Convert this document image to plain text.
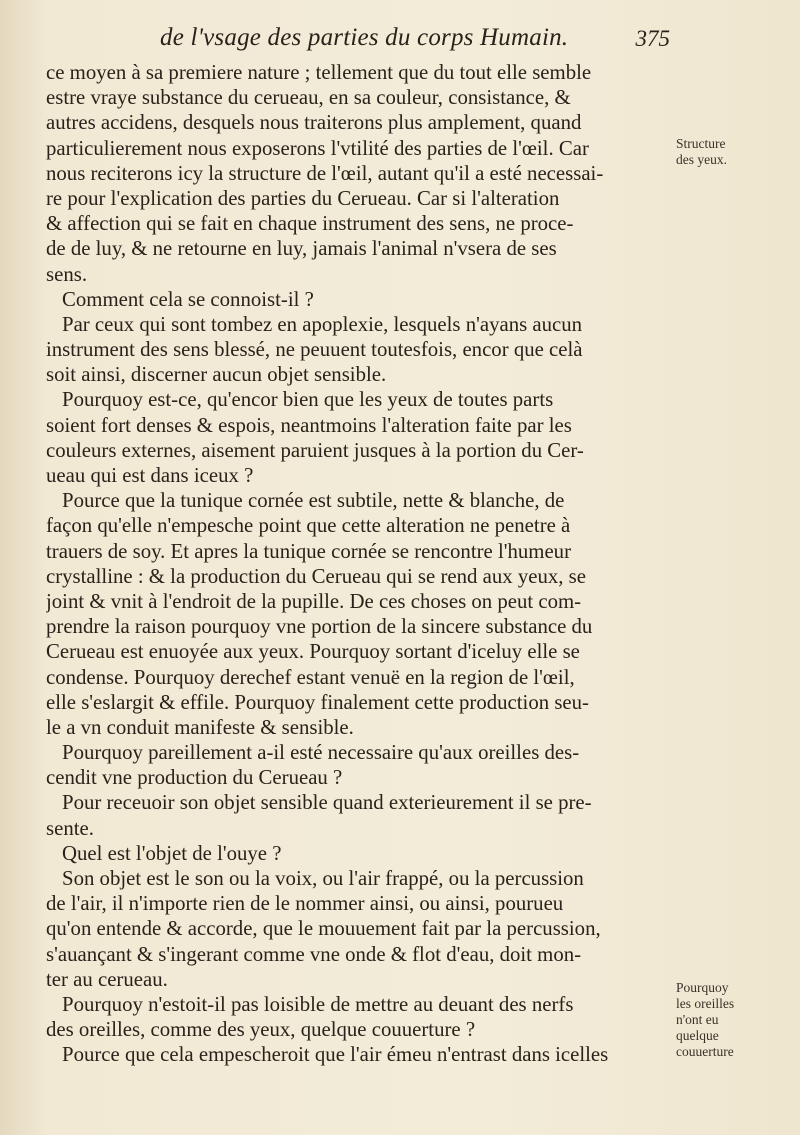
de l'vsage des parties du corps Humain.	375
ce moyen à sa premiere nature ; tellement que du tout elle semble
estre vraye substance du cerueau, en sa couleur, consistance, &
autres accidens, desquels nous traiterons plus amplement, quand
particulierement nous exposerons l'vtilité des parties de l'œil. Car
nous reciterons icy la structure de l'œil, autant qu'il a esté necessai-
re pour l'explication des parties du Cerueau. Car si l'alteration
& affection qui se fait en chaque instrument des sens, ne proce-
de de luy, & ne retourne en luy, jamais l'animal n'vsera de ses
sens.
Comment cela se connoist-il ?
Par ceux qui sont tombez en apoplexie, lesquels n'ayans aucun
instrument des sens blessé, ne peuuent toutesfois, encor que celà
soit ainsi, discerner aucun objet sensible.
Pourquoy est-ce, qu'encor bien que les yeux de toutes parts
soient fort denses & espois, neantmoins l'alteration faite par les
couleurs externes, aisement paruient jusques à la portion du Cer-
ueau qui est dans iceux ?
Pource que la tunique cornée est subtile, nette & blanche, de
façon qu'elle n'empesche point que cette alteration ne penetre à
trauers de soy. Et apres la tunique cornée se rencontre l'humeur
crystalline : & la production du Cerueau qui se rend aux yeux, se
joint & vnit à l'endroit de la pupille. De ces choses on peut com-
prendre la raison pourquoy vne portion de la sincere substance du
Cerueau est enuoyée aux yeux. Pourquoy sortant d'iceluy elle se
condense. Pourquoy derechef estant venuë en la region de l'œil,
elle s'eslargit & effile. Pourquoy finalement cette production seu-
le a vn conduit manifeste & sensible.
Pourquoy pareillement a-il esté necessaire qu'aux oreilles des-
cendit vne production du Cerueau ?
Pour receuoir son objet sensible quand exterieurement il se pre-
sente.
Quel est l'objet de l'ouye ?
Son objet est le son ou la voix, ou l'air frappé, ou la percussion
de l'air, il n'importe rien de le nommer ainsi, ou ainsi, pourueu
qu'on entende & accorde, que le mouuement fait par la percussion,
s'auançant & s'ingerant comme vne onde & flot d'eau, doit mon-
ter au cerueau.
Pourquoy n'estoit-il pas loisible de mettre au deuant des nerfs
des oreilles, comme des yeux, quelque couuerture ?
Pource que cela empescheroit que l'air émeu n'entrast dans icelles
Structure
des yeux.
Pourquoy
les oreilles
n'ont eu
quelque
couuerture
